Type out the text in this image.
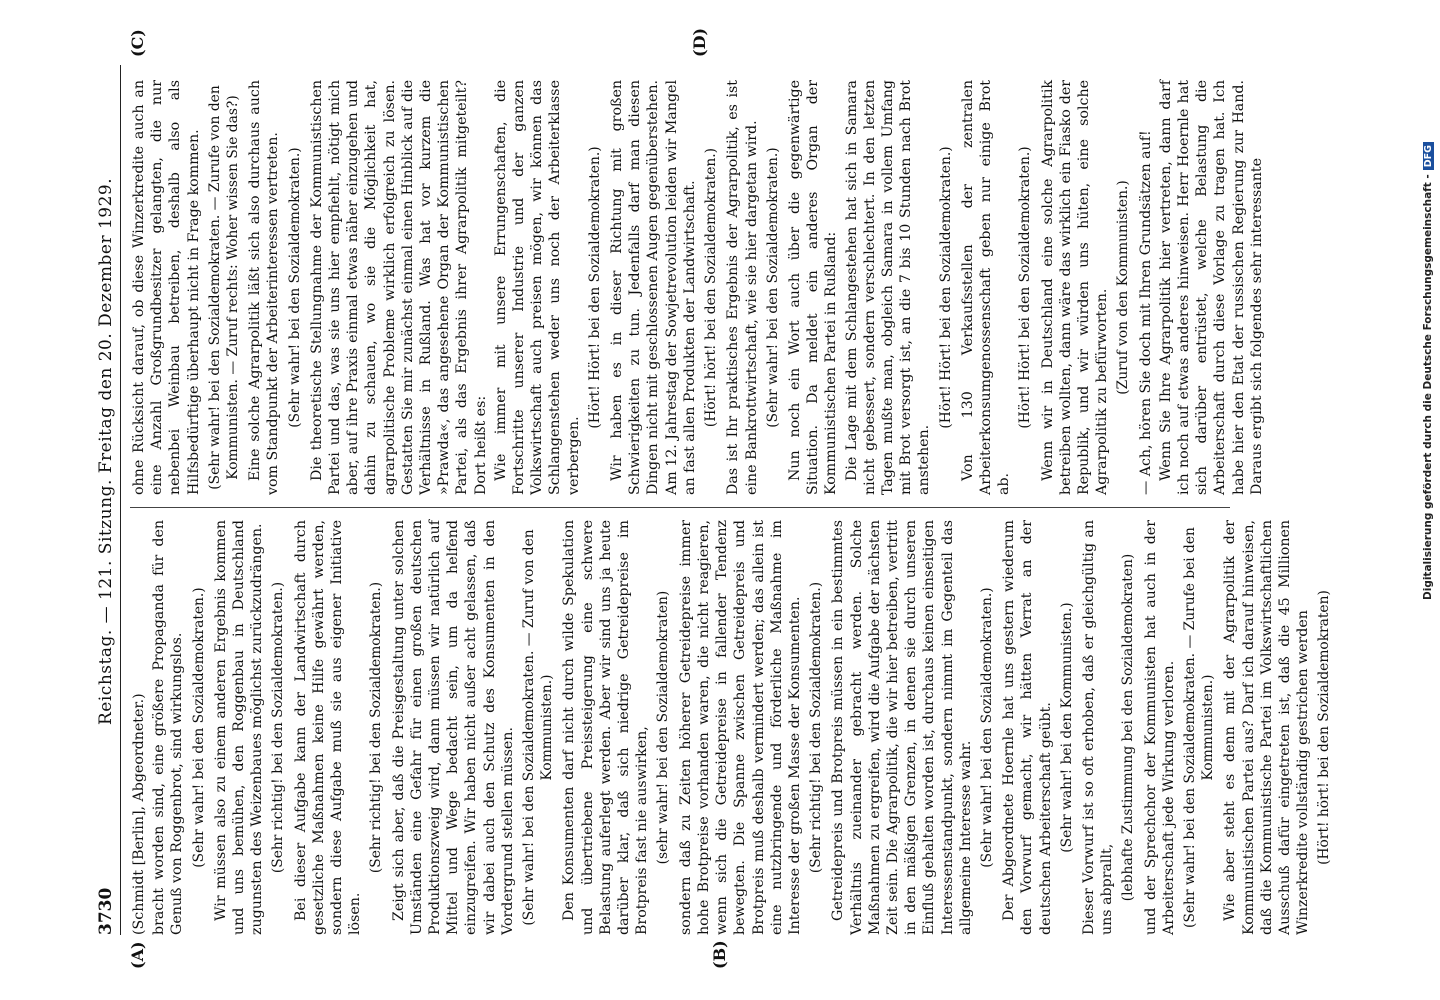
3730
Reichstag. — 121. Sitzung. Freitag den 20. Dezember 1929.
(A)	(B)
(C)	(D)

(Schmidt [Berlin], Abgeordneter.) bracht worden sind, eine größere Propaganda für den Genuß von Roggenbrot, sind wirkungslos. (Sehr wahr! bei den Sozialdemokraten.) Wir müssen also zu einem anderen Ergebnis kommen und uns bemühen, den Roggenbau in Deutschland zugunsten des Weizenbaues möglichst zurückzudrängen. (Sehr richtig! bei den Sozialdemokraten.) Bei dieser Aufgabe kann der Landwirtschaft durch gesetzliche Maßnahmen keine Hilfe gewährt werden, sondern diese Aufgabe muß sie aus eigener Initiative lösen.

(Sehr richtig! bei den Sozialdemokraten.) Zeigt sich aber, daß die Preisgestaltung unter solchen Umständen eine Gefahr für einen großen deutschen Produktionszweig wird, dann müssen wir natürlich auf Mittel und Wege bedacht sein, um da helfend einzugreifen. Wir haben nicht außer acht gelassen, daß wir dabei auch den Schutz des Konsumenten in den Vordergrund stellen müssen. (Sehr wahr! bei den Sozialdemokraten. — Zuruf von den Kommunisten.) Den Konsumenten darf nicht durch wilde Spekulation und übertriebene Preissteigerung eine schwere Belastung auferlegt werden. Aber wir sind uns ja heute darüber klar, daß sich niedrige Getreidepreise im Brotpreis fast nie auswirken, (sehr wahr! bei den Sozialdemokraten) sondern daß zu Zeiten höherer Getreidepreise immer hohe Brotpreise vorhanden waren, die nicht reagieren, wenn sich die Getreidepreise in fallender Tendenz bewegten. Die Spanne zwischen Getreidepreis und Brotpreis muß deshalb vermindert werden; das allein ist eine nutzbringende und förderliche Maßnahme im Interesse der großen Masse der Konsumenten. (Sehr richtig! bei den Sozialdemokraten.) Getreidepreis und Brotpreis müssen in ein bestimmtes Verhältnis zueinander gebracht werden. Solche Maßnahmen zu ergreifen, wird die Aufgabe der nächsten Zeit sein. Die Agrarpolitik, die wir hier betreiben, vertritt in den mäßigen Grenzen, in denen sie durch unseren Einfluß gehalten worden ist, durchaus keinen einseitigen Interessenstandpunkt, sondern nimmt im Gegenteil das allgemeine Interesse wahr. (Sehr wahr! bei den Sozialdemokraten.) Der Abgeordnete Hoernle hat uns gestern wiederum den Vorwurf gemacht, wir hätten Verrat an der deutschen Arbeiterschaft geübt. (Sehr wahr! bei den Kommunisten.) Dieser Vorwurf ist so oft erhoben, daß er gleichgültig an uns abprallt, (lebhafte Zustimmung bei den Sozialdemokraten) und der Sprechchor der Kommunisten hat auch in der Arbeiterschaft jede Wirkung verloren. (Sehr wahr! bei den Sozialdemokraten. — Zurufe bei den Kommunisten.) Wie aber steht es denn mit der Agrarpolitik der Kommunistischen Partei aus? Darf ich darauf hinweisen, daß die Kommunistische Partei im Volkswirtschaftlichen Ausschuß dafür eingetreten ist, daß die 45 Millionen Winzerkredite vollständig gestrichen werden (Hört! hört! bei den Sozialdemokraten)

ohne Rücksicht darauf, ob diese Winzerkredite auch an eine Anzahl Großgrundbesitzer gelangten, die nur nebenbei Weinbau betreiben, deshalb also als Hilfsbedürftige überhaupt nicht in Frage kommen. (Sehr wahr! bei den Sozialdemokraten. — Zurufe von den Kommunisten. — Zuruf rechts: Woher wissen Sie das?) Eine solche Agrarpolitik läßt sich also durchaus auch vom Standpunkt der Arbeiterinteressen vertreten. (Sehr wahr! bei den Sozialdemokraten.) Die theoretische Stellungnahme der Kommunistischen Partei und das, was sie uns hier empfiehlt, nötigt mich aber, auf ihre Praxis einmal etwas näher einzugehen und dahin zu schauen, wo sie die Möglichkeit hat, agrarpolitische Probleme wirklich erfolgreich zu lösen. Gestatten Sie mir zunächst einmal einen Hinblick auf die Verhältnisse in Rußland. Was hat vor kurzem die »Prawda«, das angesehene Organ der Kommunistischen Partei, als das Ergebnis ihrer Agrarpolitik mitgeteilt? Dort heißt es: Wie immer mit unsere Errungenschaften, die Fortschritte unserer Industrie und der ganzen Volkswirtschaft auch preisen mögen, wir können das Schlangenstehen weder uns noch der Arbeiterklasse verbergen.

(Hört! Hört! bei den Sozialdemokraten.) Wir haben es in dieser Richtung mit großen Schwierigkeiten zu tun. Jedenfalls darf man diesen Dingen nicht mit geschlossenen Augen gegenüberstehen. Am 12. Jahrestag der Sowjetrevolution leiden wir Mangel an fast allen Produkten der Landwirtschaft. (Hört! hört! bei den Sozialdemokraten.) Das ist Ihr praktisches Ergebnis der Agrarpolitik, es ist eine Bankrottwirtschaft, wie sie hier dargetan wird. (Sehr wahr! bei den Sozialdemokraten.) Nun noch ein Wort auch über die gegenwärtige Situation. Da meldet ein anderes Organ der Kommunistischen Partei in Rußland: Die Lage mit dem Schlangestehen hat sich in Samara nicht gebessert, sondern verschlechtert. In den letzten Tagen mußte man, obgleich Samara in vollem Umfang mit Brot versorgt ist, an die 7 bis 10 Stunden nach Brot anstehen.

(Hört! Hört! bei den Sozialdemokraten.) Von 130 Verkaufsstellen der zentralen Arbeiterkonsumgenossenschaft geben nur einige Brot ab.

(Hört! Hört! bei den Sozialdemokraten.) Wenn wir in Deutschland eine solche Agrarpolitik betreiben wollten, dann wäre das wirklich ein Fiasko der Republik, und wir würden uns hüten, eine solche Agrarpolitik zu befürworten. (Zuruf von den Kommunisten.) — Ach, hören Sie doch mit Ihren Grundsätzen auf! Wenn Sie Ihre Agrarpolitik hier vertreten, dann darf ich noch auf etwas anderes hinweisen. Herr Hoernle hat sich darüber entrüstet, welche Belastung die Arbeiterschaft durch diese Vorlage zu tragen hat. Ich habe hier den Etat der russischen Regierung zur Hand. Daraus ergibt sich folgendes sehr interessante	Digitalisierung gefördert durch die Deutsche Forschungsgemeinschaft -DFG
